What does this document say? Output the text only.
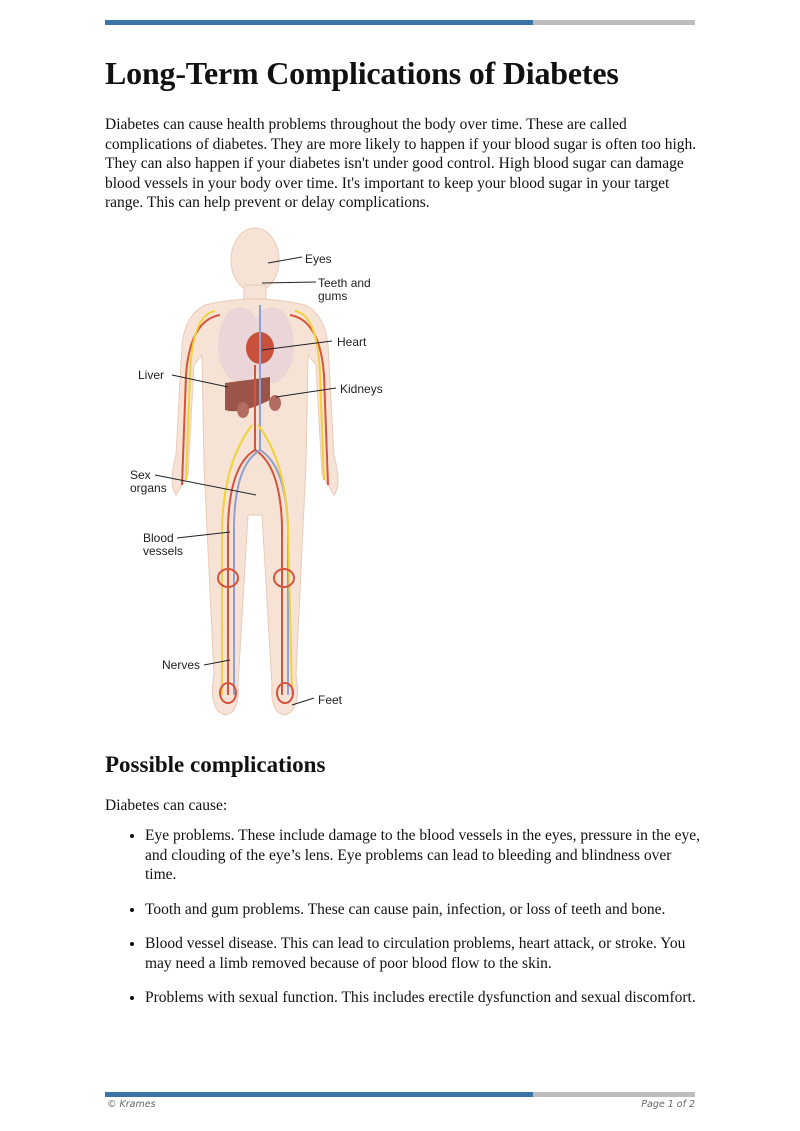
Long-Term Complications of Diabetes

Diabetes can cause health problems throughout the body over time. These are called complications of diabetes. They are more likely to happen if your blood sugar is often too high. They can also happen if your diabetes isn't under good control. High blood sugar can damage blood vessels in your body over time. It's important to keep your blood sugar in your target range. This can help prevent or delay complications.

Eyes
Teeth and
gums
Heart
Liver
Kidneys
Sex
organs
Blood
vessels
Nerves
Feet
Possible complications

Diabetes can cause:

• Eye problems. These include damage to the blood vessels in the eyes, pressure in the eye, and clouding of the eye’s lens. Eye problems can lead to bleeding and blindness over time.
• Tooth and gum problems. These can cause pain, infection, or loss of teeth and bone.
• Blood vessel disease. This can lead to circulation problems, heart attack, or stroke. You may need a limb removed because of poor blood flow to the skin.
• Problems with sexual function. This includes erectile dysfunction and sexual discomfort.
© Krames	Page 1 of 2
